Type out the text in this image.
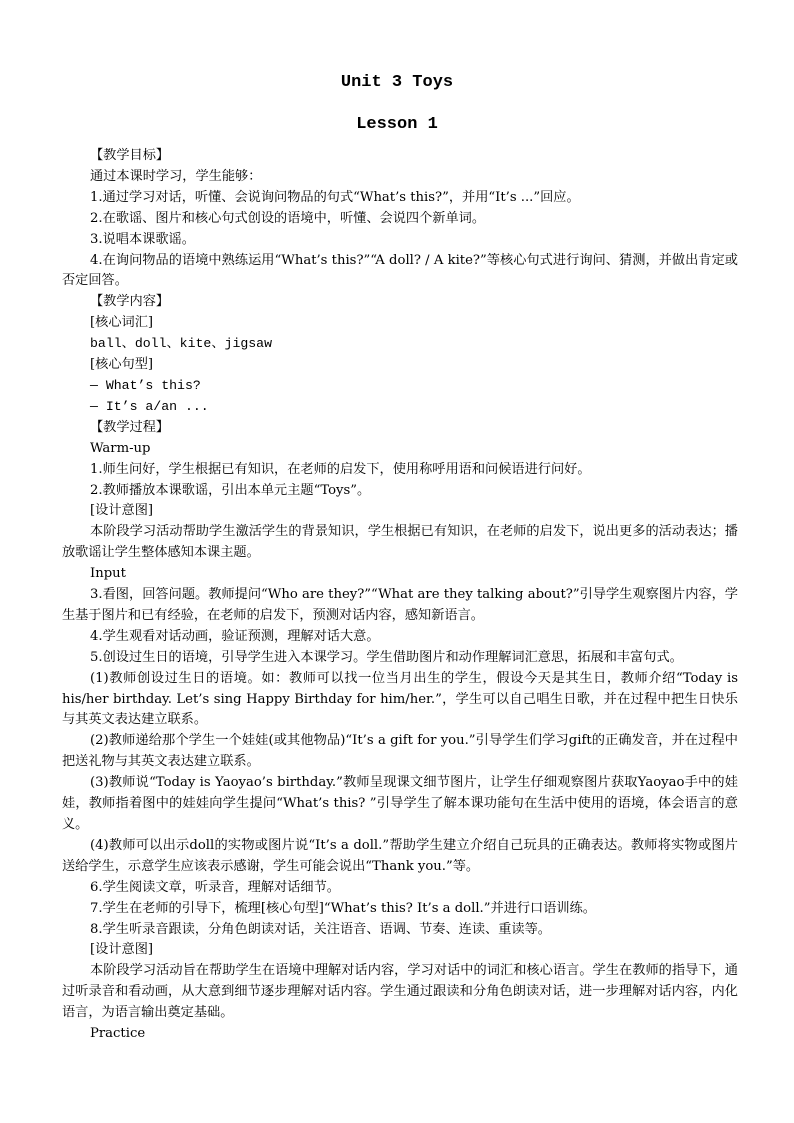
Unit 3 Toys
Lesson 1

【教学目标】

通过本课时学习，学生能够：

1.通过学习对话，听懂、会说询问物品的句式“What’s this?”，并用“It’s ...”回应。

2.在歌谣、图片和核心句式创设的语境中，听懂、会说四个新单词。

3.说唱本课歌谣。

4.在询问物品的语境中熟练运用“What’s this?”“A doll? / A kite?”等核心句式进行询问、猜测，并做出肯定或否定回答。

【教学内容】

[核心词汇]

ball、doll、kite、jigsaw

[核心句型]

— What’s this?

— It’s a/an ...

【教学过程】

Warm-up

1.师生问好，学生根据已有知识，在老师的启发下，使用称呼用语和问候语进行问好。

2.教师播放本课歌谣，引出本单元主题“Toys”。

[设计意图]

本阶段学习活动帮助学生激活学生的背景知识，学生根据已有知识，在老师的启发下，说出更多的活动表达；播放歌谣让学生整体感知本课主题。

Input

3.看图，回答问题。教师提问“Who are they?”“What are they talking about?”引导学生观察图片内容，学生基于图片和已有经验，在老师的启发下，预测对话内容，感知新语言。

4.学生观看对话动画，验证预测，理解对话大意。

5.创设过生日的语境，引导学生进入本课学习。学生借助图片和动作理解词汇意思，拓展和丰富句式。

(1)教师创设过生日的语境。如：教师可以找一位当月出生的学生，假设今天是其生日，教师介绍“Today is his/her birthday. Let’s sing Happy Birthday for him/her.”，学生可以自己唱生日歌，并在过程中把生日快乐与其英文表达建立联系。

(2)教师递给那个学生一个娃娃(或其他物品)“It’s a gift for you.”引导学生们学习gift的正确发音，并在过程中把送礼物与其英文表达建立联系。

(3)教师说“Today is Yaoyao’s birthday.”教师呈现课文细节图片，让学生仔细观察图片获取Yaoyao手中的娃娃，教师指着图中的娃娃向学生提问“What’s this? ”引导学生了解本课功能句在生活中使用的语境，体会语言的意义。

(4)教师可以出示doll的实物或图片说“It’s a doll.”帮助学生建立介绍自己玩具的正确表达。教师将实物或图片送给学生，示意学生应该表示感谢，学生可能会说出“Thank you.”等。

6.学生阅读文章，听录音，理解对话细节。

7.学生在老师的引导下，梳理[核心句型]“What’s this? It’s a doll.”并进行口语训练。

8.学生听录音跟读，分角色朗读对话，关注语音、语调、节奏、连读、重读等。

[设计意图]

本阶段学习活动旨在帮助学生在语境中理解对话内容，学习对话中的词汇和核心语言。学生在教师的指导下，通过听录音和看动画，从大意到细节逐步理解对话内容。学生通过跟读和分角色朗读对话，进一步理解对话内容，内化语言，为语言输出奠定基础。

Practice
